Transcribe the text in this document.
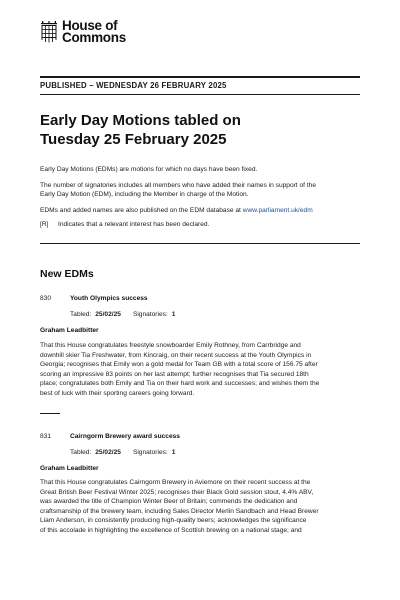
House of
Commons
PUBLISHED – WEDNESDAY 26 FEBRUARY 2025
Early Day Motions tabled on
Tuesday 25 February 2025
Early Day Motions (EDMs) are motions for which no days have been fixed.
The number of signatories includes all members who have added their names in support of the
Early Day Motion (EDM), including the Member in charge of the Motion.
EDMs and added names are also published on the EDM database at www.parliament.uk/edm
[R]	Indicates that a relevant interest has been declared.
New EDMs
830	Youth Olympics success
Tabled: 25/02/25 Signatories: 1
Graham Leadbitter
That this House congratulates freestyle snowboarder Emily Rothney, from Carrbridge and
downhill skier Tia Freshwater, from Kincraig, on their recent success at the Youth Olympics in
Georgia; recognises that Emily won a gold medal for Team GB with a total score of 156.75 after
scoring an impressive 83 points on her last attempt; further recognises that Tia secured 18th
place; congratulates both Emily and Tia on their hard work and successes; and wishes them the
best of luck with their sporting careers going forward.
831	Cairngorm Brewery award success
Tabled: 25/02/25 Signatories: 1
Graham Leadbitter
That this House congratulates Cairngorm Brewery in Aviemore on their recent success at the
Great British Beer Festival Winter 2025; recognises their Black Gold session stout, 4.4% ABV,
was awarded the title of Champion Winter Beer of Britain; commends the dedication and
craftsmanship of the brewery team, including Sales Director Merlin Sandbach and Head Brewer
Liam Anderson, in consistently producing high-quality beers; acknowledges the significance
of this accolade in highlighting the excellence of Scottish brewing on a national stage; and
